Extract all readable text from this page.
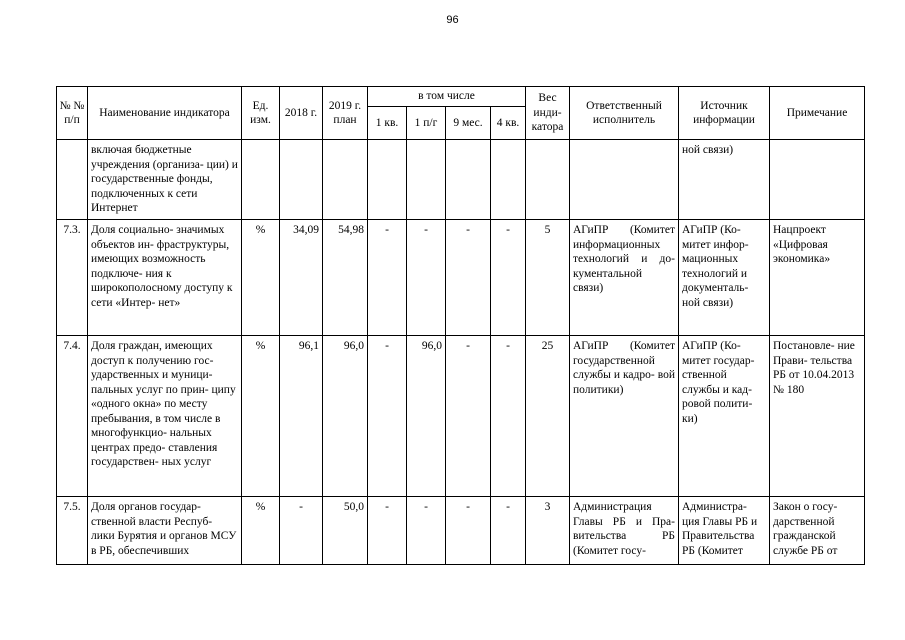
96
№ № п/п	Наименование индикатора	Ед. изм.	2018 г.	2019 г. план	в том числе				Вес инди- катора	Ответственный исполнитель	Источник информации	Примечание
					1 кв.	1 п/г	9 мес.	4 кв.				
	включая бюджетные учреждения (организа- ции) и государственные фонды, подключенных к сети Интернет										ной связи)	
7.3.	Доля социально- значимых объектов ин- фраструктуры, имеющих возможность подключе- ния к широкополосному доступу к сети «Интер- нет»	%	34,09	54,98	-	-	-	-	5	АГиПР (Комитет информационных технологий и до- кументальной связи)	АГиПР (Ко- митет инфор- мационных технологий и документаль- ной связи)	Нацпроект «Цифровая экономика»
7.4.	Доля граждан, имеющих доступ к получению гос- ударственных и муници- пальных услуг по прин- ципу «одного окна» по месту пребывания, в том числе в многофункцио- нальных центрах предо- ставления государствен- ных услуг	%	96,1	96,0	-	96,0	-	-	25	АГиПР (Комитет государственной службы и кадро- вой политики)	АГиПР (Ко- митет государ- ственной службы и кад- ровой полити- ки)	Постановле- ние Прави- тельства РБ от 10.04.2013 № 180
7.5.	Доля органов государ- ственной власти Респуб- лики Бурятия и органов МСУ в РБ, обеспечивших	%	-	50,0	-	-	-	-	3	Администрация Главы РБ и Пра- вительства РБ (Комитет госу-	Администра- ция Главы РБ и Правительства РБ (Комитет	Закон о госу- дарственной гражданской службе РБ от
